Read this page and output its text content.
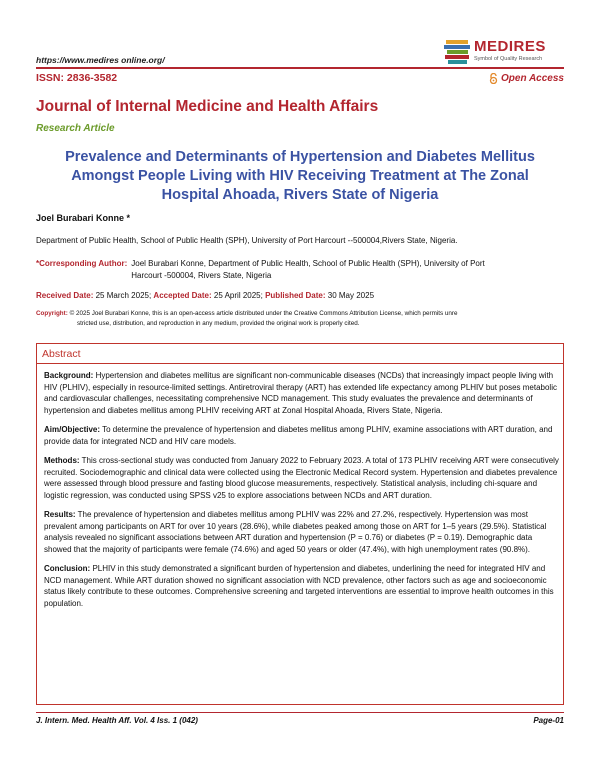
https://www.medires online.org/
MEDIRES
Symbol of Quality Research
ISSN: 2836-3582	Open Access
Journal of Internal Medicine and Health Affairs
Research Article
Prevalence and Determinants of Hypertension and Diabetes Mellitus Amongst People Living with HIV Receiving Treatment at The Zonal Hospital Ahoada, Rivers State of Nigeria
Joel Burabari Konne *
Department of Public Health, School of Public Health (SPH), University of Port Harcourt --500004,Rivers State, Nigeria.
*Corresponding Author: Joel Burabari Konne, Department of Public Health, School of Public Health (SPH), University of Port Harcourt -500004, Rivers State, Nigeria
Received Date: 25 March 2025; Accepted Date: 25 April 2025; Published Date: 30 May 2025
Copyright: © 2025 Joel Burabari Konne, this is an open-access article distributed under the Creative Commons Attribution License, which permits unre
stricted use, distribution, and reproduction in any medium, provided the original work is properly cited.
Abstract

Background: Hypertension and diabetes mellitus are significant non-communicable diseases (NCDs) that increasingly impact people living with HIV (PLHIV), especially in resource-limited settings. Antiretroviral therapy (ART) has extended life expectancy among PLHIV but poses metabolic and cardiovascular challenges, necessitating comprehensive NCD management. This study evaluates the prevalence and determinants of hypertension and diabetes mellitus among PLHIV receiving ART at Zonal Hospital Ahoada, Rivers State, Nigeria.

Aim/Objective: To determine the prevalence of hypertension and diabetes mellitus among PLHIV, examine associations with ART duration, and provide data for integrated NCD and HIV care models.

Methods: This cross-sectional study was conducted from January 2022 to February 2023. A total of 173 PLHIV receiving ART were consecutively recruited. Sociodemographic and clinical data were collected using the Electronic Medical Record system. Hypertension and diabetes prevalence were assessed through blood pressure and fasting blood glucose measurements, respectively. Statistical analysis, including chi-square and logistic regression, was conducted using SPSS v25 to explore associations between NCDs and ART duration.

Results: The prevalence of hypertension and diabetes mellitus among PLHIV was 22% and 27.2%, respectively. Hypertension was most prevalent among participants on ART for over 10 years (28.6%), while diabetes peaked among those on ART for 1–5 years (29.5%). Statistical analysis revealed no significant associations between ART duration and hypertension (P = 0.76) or diabetes (P = 0.19). Demographic data showed that the majority of participants were female (74.6%) and aged 50 years or older (47.4%), with high unemployment rates (90.8%).

Conclusion: PLHIV in this study demonstrated a significant burden of hypertension and diabetes, underlining the need for integrated HIV and NCD management. While ART duration showed no significant association with NCD prevalence, other factors such as age and socioeconomic status likely contribute to these outcomes. Comprehensive screening and targeted interventions are essential to improve health outcomes in this population.

J. Intern. Med. Health Aff. Vol. 4 Iss. 1 (042)	Page-01
